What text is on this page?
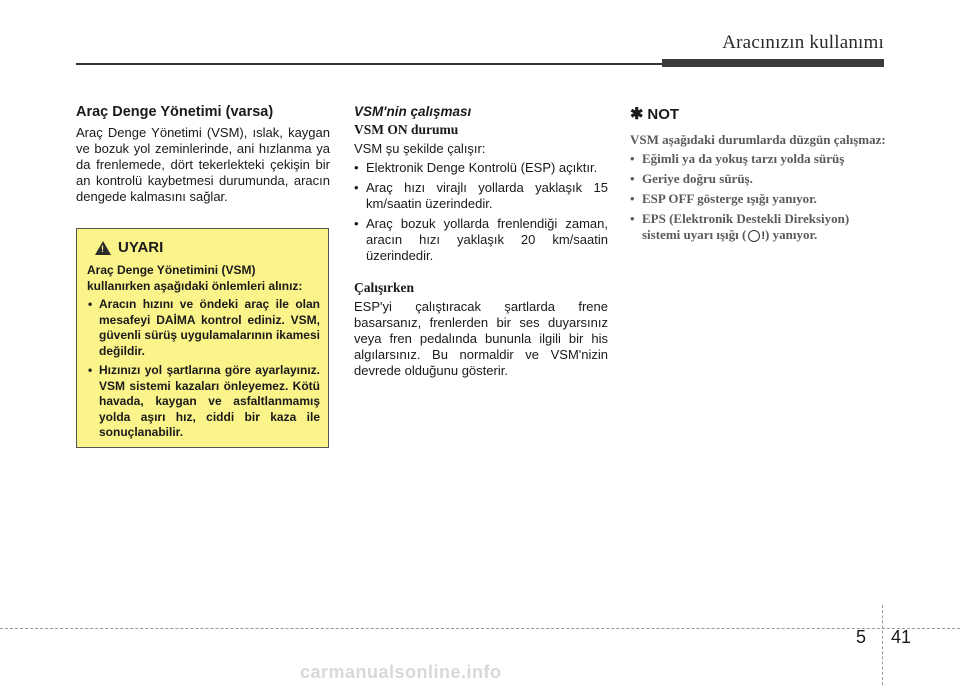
Aracınızın kullanımı
Araç Denge Yönetimi (varsa)

Araç Denge Yönetimi (VSM), ıslak, kaygan ve bozuk yol zeminlerinde, ani hızlanma ya da frenlemede, dört tekerlekteki çekişin bir an kontrolü kaybetmesi durumunda, aracın dengede kalmasını sağlar.

!
UYARI

Araç Denge Yönetimini (VSM) kullanırken aşağıdaki önlemleri alınız:

• Aracın hızını ve öndeki araç ile olan mesafeyi DAİMA kontrol ediniz. VSM, güvenli sürüş uygulamalarının ikamesi değildir.
• Hızınızı yol şartlarına göre ayarlayınız. VSM sistemi kazaları önleyemez. Kötü havada, kaygan ve asfaltlanmamış yolda aşırı hız, ciddi bir kaza ile sonuçlanabilir.
VSM'nin çalışması
VSM ON durumu

VSM şu şekilde çalışır:

• Elektronik Denge Kontrolü (ESP) açıktır.
• Araç hızı virajlı yollarda yaklaşık 15 km/saatin üzerindedir.
• Araç bozuk yollarda frenlendiği zaman, aracın hızı yaklaşık 20 km/saatin üzerindedir.
Çalışırken

ESP'yi çalıştıracak şartlarda frene basarsanız, frenlerden bir ses duyarsınız veya fren pedalında bununla ilgili bir his algılarsınız. Bu normaldir ve VSM'nizin devrede olduğunu gösterir.

✱ NOT

VSM aşağıdaki durumlarda düzgün çalışmaz:

• Eğimli ya da yokuş tarzı yolda sürüş
• Geriye doğru sürüş.
• ESP OFF gösterge ışığı yanıyor.
• EPS (Elektronik Destekli Direksiyon) sistemi uyarı ışığı ( !) yanıyor.
5 41
carmanualsonline.info
